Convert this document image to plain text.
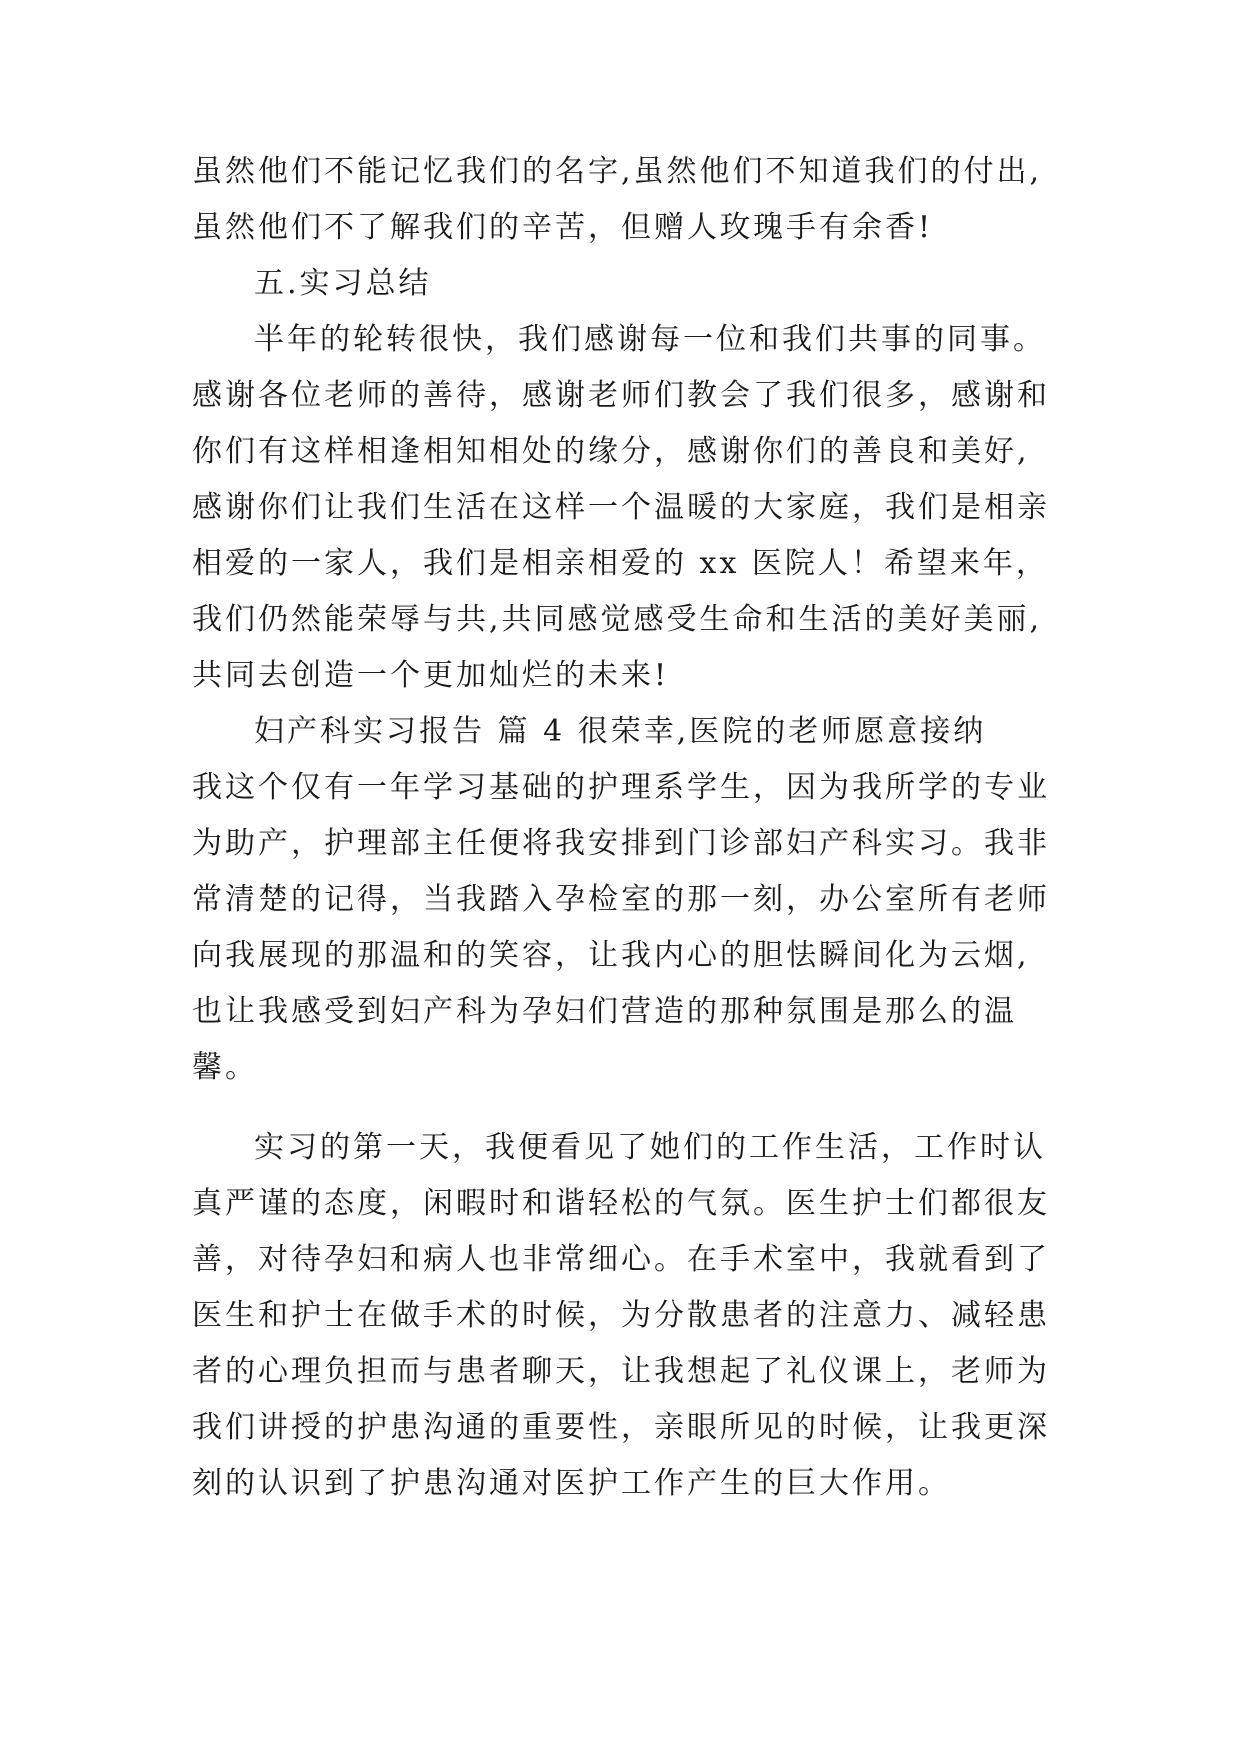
虽然他们不能记忆我们的名字,虽然他们不知道我们的付出,
虽然他们不了解我们的辛苦，但赠人玫瑰手有余香!
五.实习总结
半年的轮转很快，我们感谢每一位和我们共事的同事。
感谢各位老师的善待，感谢老师们教会了我们很多，感谢和
你们有这样相逢相知相处的缘分，感谢你们的善良和美好,
感谢你们让我们生活在这样一个温暖的大家庭，我们是相亲
相爱的一家人，我们是相亲相爱的 xx 医院人！希望来年，
我们仍然能荣辱与共,共同感觉感受生命和生活的美好美丽,
共同去创造一个更加灿烂的未来!
妇产科实习报告 篇 4 很荣幸,医院的老师愿意接纳
我这个仅有一年学习基础的护理系学生，因为我所学的专业
为助产，护理部主任便将我安排到门诊部妇产科实习。我非
常清楚的记得，当我踏入孕检室的那一刻，办公室所有老师
向我展现的那温和的笑容，让我内心的胆怯瞬间化为云烟,
也让我感受到妇产科为孕妇们营造的那种氛围是那么的温
馨。
实习的第一天，我便看见了她们的工作生活，工作时认
真严谨的态度，闲暇时和谐轻松的气氛。医生护士们都很友
善，对待孕妇和病人也非常细心。在手术室中，我就看到了
医生和护士在做手术的时候，为分散患者的注意力、减轻患
者的心理负担而与患者聊天，让我想起了礼仪课上，老师为
我们讲授的护患沟通的重要性，亲眼所见的时候，让我更深
刻的认识到了护患沟通对医护工作产生的巨大作用。
